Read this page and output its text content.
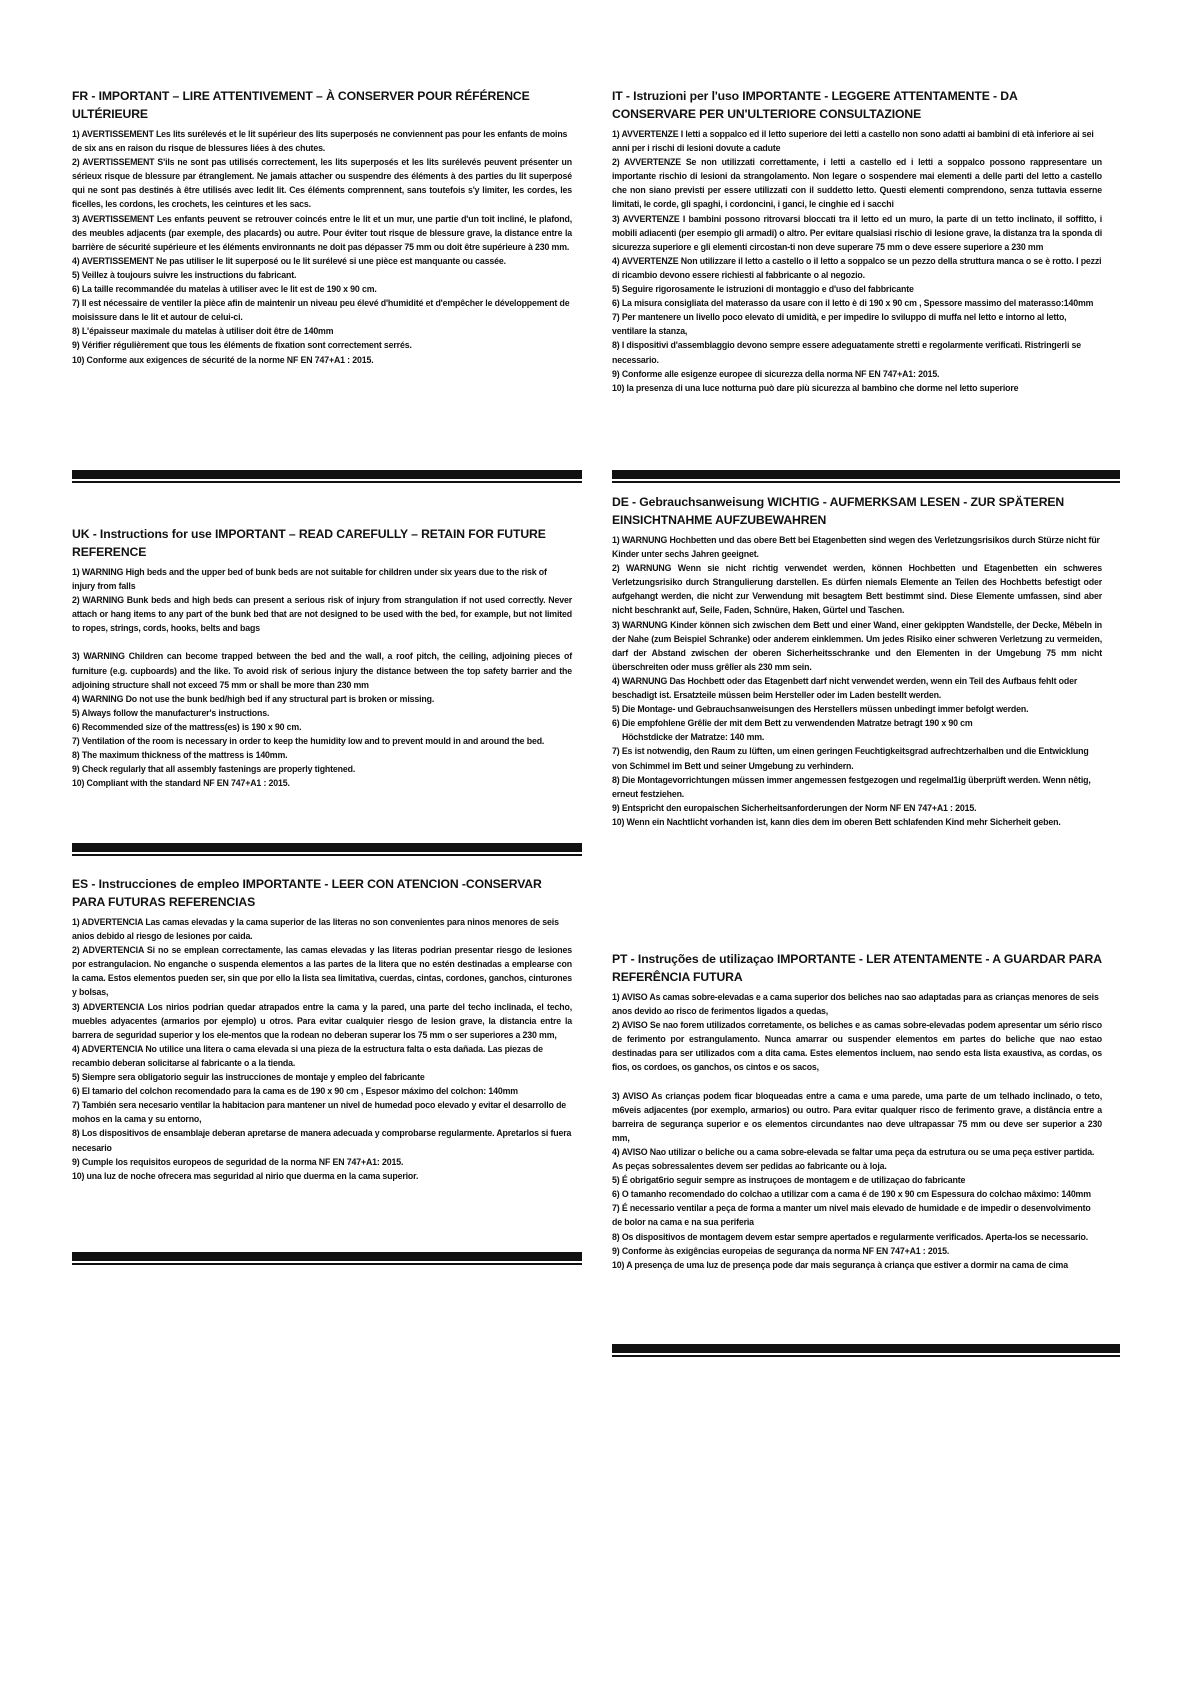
FR - IMPORTANT – LIRE ATTENTIVEMENT – À CONSERVER POUR RÉFÉRENCE ULTÉRIEURE

1) AVERTISSEMENT Les lits surélevés et le lit supérieur des lits superposés ne conviennent pas pour les enfants de moins de six ans en raison du risque de blessures liées à des chutes.

2) AVERTISSEMENT S'ils ne sont pas utilisés correctement, les lits superposés et les lits surélevés peuvent présenter un sérieux risque de blessure par étranglement. Ne jamais attacher ou suspendre des éléments à des parties du lit superposé qui ne sont pas destinés à être utilisés avec ledit lit. Ces éléments comprennent, sans toutefois s'y limiter, les cordes, les ficelles, les cordons, les crochets, les ceintures et les sacs.

3) AVERTISSEMENT Les enfants peuvent se retrouver coincés entre le lit et un mur, une partie d'un toit incliné, le plafond, des meubles adjacents (par exemple, des placards) ou autre. Pour éviter tout risque de blessure grave, la distance entre la barrière de sécurité supérieure et les éléments environnants ne doit pas dépasser 75 mm ou doit être supérieure à 230 mm.

4) AVERTISSEMENT Ne pas utiliser le lit superposé ou le lit surélevé si une pièce est manquante ou cassée.

5) Veillez à toujours suivre les instructions du fabricant.

6) La taille recommandée du matelas à utiliser avec le lit est de 190 x 90 cm.

7) Il est nécessaire de ventiler la pièce afin de maintenir un niveau peu élevé d'humidité et d'empêcher le développement de moisissure dans le lit et autour de celui-ci.

8) L'épaisseur maximale du matelas à utiliser doit être de 140mm

9) Vérifier régulièrement que tous les éléments de fixation sont correctement serrés.

10) Conforme aux exigences de sécurité de la norme NF EN 747+A1 : 2015.

UK - Instructions for use IMPORTANT – READ CAREFULLY – RETAIN FOR FUTURE REFERENCE

1) WARNING High beds and the upper bed of bunk beds are not suitable for children under six years due to the risk of injury from falls

2) WARNING Bunk beds and high beds can present a serious risk of injury from strangulation if not used correctly. Never attach or hang items to any part of the bunk bed that are not designed to be used with the bed, for example, but not limited to ropes, strings, cords, hooks, belts and bags

3) WARNING Children can become trapped between the bed and the wall, a roof pitch, the ceiling, adjoining pieces of furniture (e.g. cupboards) and the like. To avoid risk of serious injury the distance between the top safety barrier and the adjoining structure shall not exceed 75 mm or shall be more than 230 mm

4) WARNING Do not use the bunk bed/high bed if any structural part is broken or missing.

5) Always follow the manufacturer's instructions.

6) Recommended size of the mattress(es) is 190 x 90 cm.

7) Ventilation of the room is necessary in order to keep the humidity low and to prevent mould in and around the bed.

8) The maximum thickness of the mattress is 140mm.

9) Check regularly that all assembly fastenings are properly tightened.

10) Compliant with the standard NF EN 747+A1 : 2015.

ES - Instrucciones de empleo IMPORTANTE - LEER CON ATENCION -CONSERVAR PARA FUTURAS REFERENCIAS

1) ADVERTENCIA Las camas elevadas y la cama superior de las literas no son convenientes para ninos menores de seis anios debido al riesgo de lesiones por caida.

2) ADVERTENCIA Si no se emplean correctamente, las camas elevadas y las literas podrian presentar riesgo de lesiones por estrangulacion. No enganche o suspenda elementos a las partes de la litera que no estén destinadas a emplearse con la cama. Estos elementos pueden ser, sin que por ello la lista sea limitativa, cuerdas, cintas, cordones, ganchos, cinturones y bolsas,

3) ADVERTENCIA Los nirios podrian quedar atrapados entre la cama y la pared, una parte del techo inclinada, el techo, muebles adyacentes (armarios por ejemplo) u otros. Para evitar cualquier riesgo de lesion grave, la distancia entre la barrera de seguridad superior y los ele-mentos que la rodean no deberan superar los 75 mm o ser superiores a 230 mm,

4) ADVERTENCIA No utilice una litera o cama elevada si una pieza de la estructura falta o esta dañada. Las piezas de recambio deberan solicitarse al fabricante o a la tienda.

5) Siempre sera obligatorio seguir las instrucciones de montaje y empleo del fabricante

6) El tamario del colchon recomendado para la cama es de 190 x 90 cm , Espesor máximo del colchon: 140mm

7) También sera necesario ventilar la habitacion para mantener un nivel de humedad poco elevado y evitar el desarrollo de mohos en la cama y su entorno,

8) Los dispositivos de ensamblaje deberan apretarse de manera adecuada y comprobarse regularmente. Apretarlos si fuera necesario

9) Cumple los requisitos europeos de seguridad de la norma NF EN 747+A1: 2015.

10) una luz de noche ofrecera mas seguridad al nirio que duerma en la cama superior.

IT - Istruzioni per l'uso IMPORTANTE - LEGGERE ATTENTAMENTE - DA CONSERVARE PER UN'ULTERIORE CONSULTAZIONE

1) AVVERTENZE I letti a soppalco ed il letto superiore dei letti a castello non sono adatti ai bambini di età inferiore ai sei anni per i rischi di lesioni dovute a cadute

2) AVVERTENZE Se non utilizzati correttamente, i letti a castello ed i letti a soppalco possono rappresentare un importante rischio di lesioni da strangolamento. Non legare o sospendere mai elementi a delle parti del letto a castello che non siano previsti per essere utilizzati con il suddetto letto. Questi elementi comprendono, senza tuttavia esserne limitati, le corde, gli spaghi, i cordoncini, i ganci, le cinghie ed i sacchi

3) AVVERTENZE I bambini possono ritrovarsi bloccati tra il letto ed un muro, la parte di un tetto inclinato, il soffitto, i mobili adiacenti (per esempio gli armadi) o altro. Per evitare qualsiasi rischio di lesione grave, la distanza tra la sponda di sicurezza superiore e gli elementi circostan-ti non deve superare 75 mm o deve essere superiore a 230 mm

4) AVVERTENZE Non utilizzare il letto a castello o il letto a soppalco se un pezzo della struttura manca o se è rotto. I pezzi di ricambio devono essere richiesti al fabbricante o al negozio.

5) Seguire rigorosamente le istruzioni di montaggio e d'uso del fabbricante

6) La misura consigliata del materasso da usare con il letto è di 190 x 90 cm , Spessore massimo del materasso:140mm

7) Per mantenere un livello poco elevato di umidità, e per impedire lo sviluppo di muffa nel letto e intorno al letto, ventilare la stanza,

8) I dispositivi d'assemblaggio devono sempre essere adeguatamente stretti e regolarmente verificati. Ristringerli se necessario.

9) Conforme alle esigenze europee di sicurezza della norma NF EN 747+A1: 2015.

10) la presenza di una luce notturna può dare più sicurezza al bambino che dorme nel letto superiore

DE - Gebrauchsanweisung WICHTIG - AUFMERKSAM LESEN - ZUR SPÄTEREN EINSICHTNAHME AUFZUBEWAHREN

1) WARNUNG Hochbetten und das obere Bett bei Etagenbetten sind wegen des Verletzungsrisikos durch Stürze nicht für Kinder unter sechs Jahren geeignet.

2) WARNUNG Wenn sie nicht richtig verwendet werden, können Hochbetten und Etagenbetten ein schweres Verletzungsrisiko durch Strangulierung darstellen. Es dürfen niemals Elemente an Teilen des Hochbetts befestigt oder aufgehangt werden, die nicht zur Verwendung mit besagtem Bett bestimmt sind. Diese Elemente umfassen, sind aber nicht beschrankt auf, Seile, Faden, Schnüre, Haken, Gürtel und Taschen.

3) WARNUNG Kinder können sich zwischen dem Bett und einer Wand, einer gekippten Wandstelle, der Decke, Mêbeln in der Nahe (zum Beispiel Schranke) oder anderem einklemmen. Um jedes Risiko einer schweren Verletzung zu vermeiden, darf der Abstand zwischen der oberen Sicherheitsschranke und den Elementen in der Umgebung 75 mm nicht überschreiten oder muss grêlîer als 230 mm sein.

4) WARNUNG Das Hochbett oder das Etagenbett darf nicht verwendet werden, wenn ein Teil des Aufbaus fehlt oder beschadigt ist. Ersatzteile müssen beim Hersteller oder im Laden bestellt werden.

5) Die Montage- und Gebrauchsanweisungen des Herstellers müssen unbedingt immer befolgt werden.

6) Die empfohlene Grêlîe der mit dem Bett zu verwendenden Matratze betragt 190 x 90 cm

Höchstdicke der Matratze: 140 mm.

7) Es ist notwendig, den Raum zu lüften, um einen geringen Feuchtigkeitsgrad aufrechtzerhalben und die Entwicklung von Schimmel im Bett und seiner Umgebung zu verhindern.

8) Die Montagevorrichtungen müssen immer angemessen festgezogen und regelmal1ig überprüft werden. Wenn nêtig, erneut festziehen.

9) Entspricht den europaischen Sicherheitsanforderungen der Norm NF EN 747+A1 : 2015.

10) Wenn ein Nachtlicht vorhanden ist, kann dies dem im oberen Bett schlafenden Kind mehr Sicherheit geben.

PT - Instruções de utilizaçao IMPORTANTE - LER ATENTAMENTE - A GUARDAR PARA REFERÊNCIA FUTURA

1) AVISO As camas sobre-elevadas e a cama superior dos beliches nao sao adaptadas para as crianças menores de seis anos devido ao risco de ferimentos ligados a quedas,

2) AVISO Se nao forem utilizados corretamente, os beliches e as camas sobre-elevadas podem apresentar um sério risco de ferimento por estrangulamento. Nunca amarrar ou suspender elementos em partes do beliche que nao estao destinadas para ser utilizados com a dita cama. Estes elementos incluem, nao sendo esta lista exaustiva, as cordas, os fios, os cordoes, os ganchos, os cintos e os sacos,

3) AVISO As crianças podem ficar bloqueadas entre a cama e uma parede, uma parte de um telhado inclinado, o teto, m6veis adjacentes (por exemplo, armarios) ou outro. Para evitar qualquer risco de ferimento grave, a distância entre a barreira de segurança superior e os elementos circundantes nao deve ultrapassar 75 mm ou deve ser superior a 230 mm,

4) AVISO Nao utilizar o beliche ou a cama sobre-elevada se faltar uma peça da estrutura ou se uma peça estiver partida. As peças sobressalentes devem ser pedidas ao fabricante ou à loja.

5) É obrigat6rio seguir sempre as instruçoes de montagem e de utilizaçao do fabricante

6) O tamanho recomendado do colchao a utilizar com a cama é de 190 x 90 cm Espessura do colchao mâximo: 140mm

7) É necessario ventilar a peça de forma a manter um nivel mais elevado de humidade e de impedir o desenvolvimento de bolor na cama e na sua periferia

8) Os dispositivos de montagem devem estar sempre apertados e regularmente verificados. Aperta-los se necessario.

9) Conforme às exigências europeias de segurança da norma NF EN 747+A1 : 2015.

10) A presença de uma luz de presença pode dar mais segurança à criança que estiver a dormir na cama de cima
